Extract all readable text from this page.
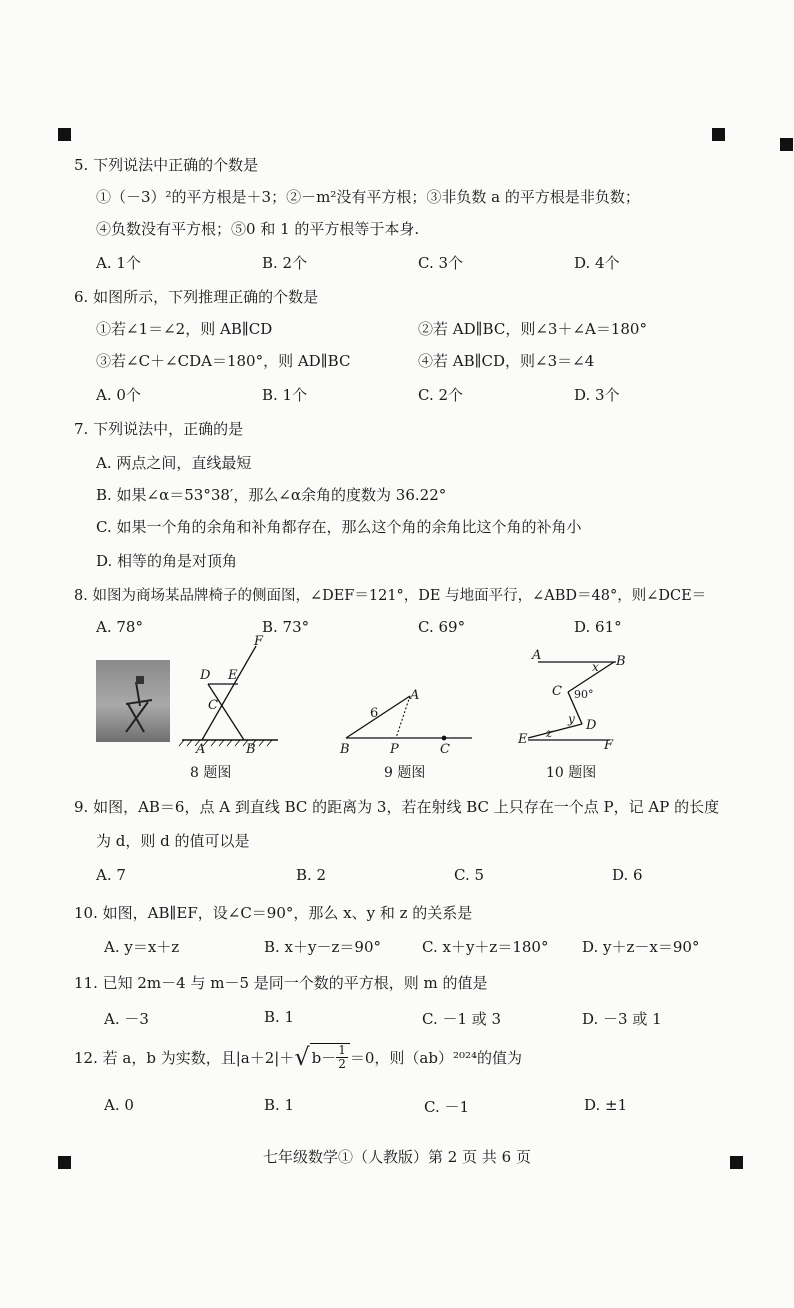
5. 下列说法中正确的个数是
①（－3）²的平方根是＋3；②－m²没有平方根；③非负数 a 的平方根是非负数；
④负数没有平方根；⑤0 和 1 的平方根等于本身.
A. 1个	B. 2个	C. 3个	D. 4个
6. 如图所示，下列推理正确的个数是
①若∠1＝∠2，则 AB∥CD	②若 AD∥BC，则∠3＋∠A＝180°
③若∠C＋∠CDA＝180°，则 AD∥BC	④若 AB∥CD，则∠3＝∠4
A. 0个	B. 1个	C. 2个	D. 3个
7. 下列说法中，正确的是
A. 两点之间，直线最短
B. 如果∠α＝53°38′，那么∠α余角的度数为 36.22°
C. 如果一个角的余角和补角都存在，那么这个角的余角比这个角的补角小
D. 相等的角是对顶角
8. 如图为商场某品牌椅子的侧面图，∠DEF＝121°，DE 与地面平行，∠ABD＝48°，则∠DCE＝
A. 78°	B. 73°	C. 69°	D. 61°
F
D E
C
A	B
8 题图
A
6
B	P	C
9 题图
A
x B
C 90°
y D
E z
F
10 题图
9. 如图，AB＝6，点 A 到直线 BC 的距离为 3，若在射线 BC 上只存在一个点 P，记 AP 的长度
为 d，则 d 的值可以是
A. 7	B. 2	C. 5	D. 6
10. 如图，AB∥EF，设∠C＝90°，那么 x、y 和 z 的关系是
A. y＝x＋z	B. x＋y－z＝90°	C. x＋y＋z＝180° D. y＋z－x＝90°
11. 已知 2m－4 与 m－5 是同一个数的平方根，则 m 的值是
A. －3	B. 1	C. －1 或 3	D. －3 或 1
12. 若 a，b 为实数，且|a＋2|＋ √ $b- \frac{1}{2} =0$，则（ab）²⁰²⁴的值为
A. 0	B. 1	C. －1	D. ±1
七年级数学①（人教版）第 2 页 共 6 页
